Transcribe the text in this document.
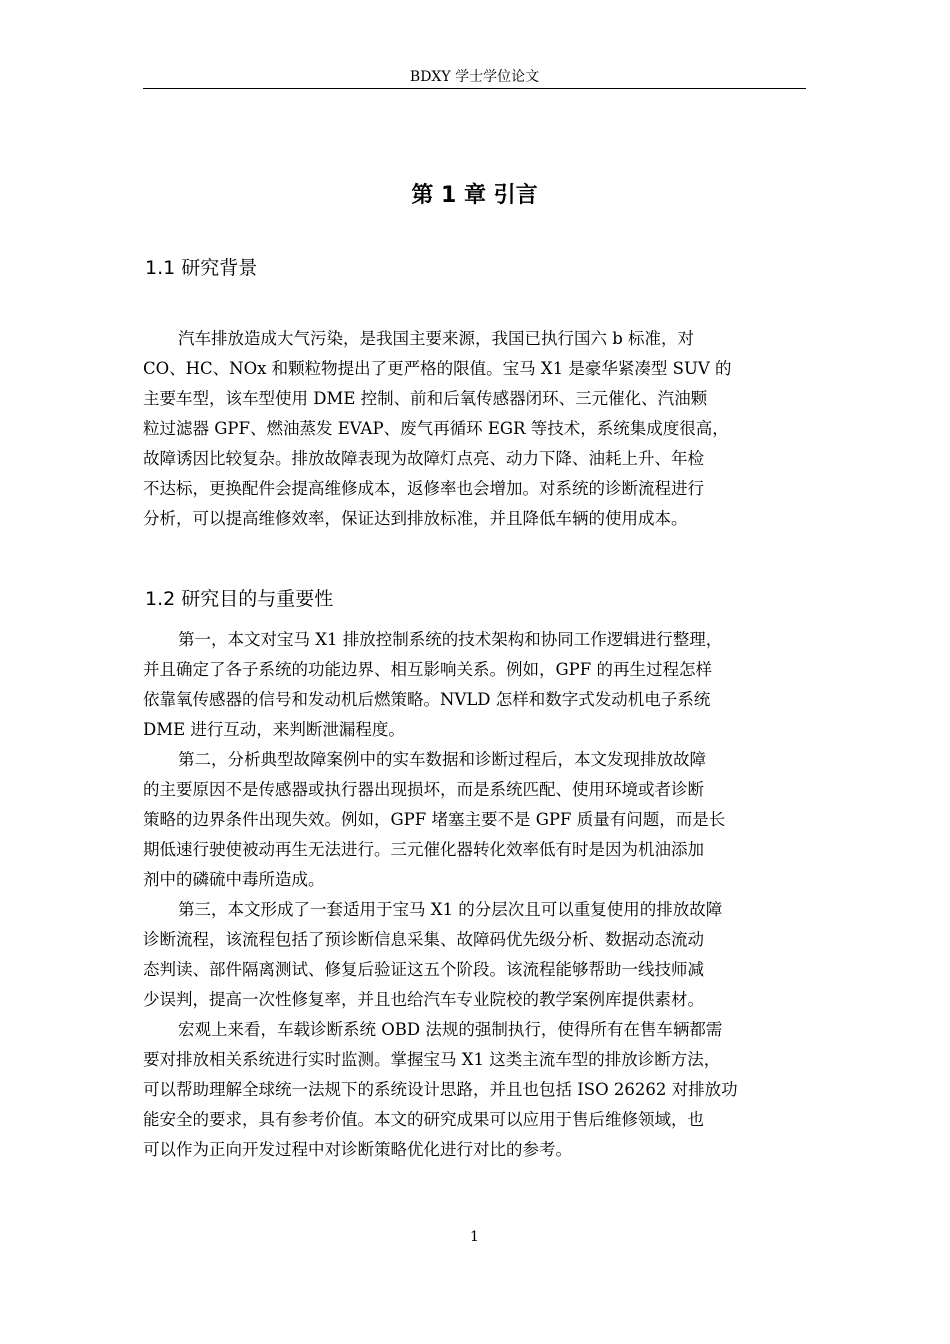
BDXY 学士学位论文
第 1 章 引言
1.1 研究背景
汽车排放造成大气污染，是我国主要来源，我国已执行国六 b 标准，对
CO、HC、NOx 和颗粒物提出了更严格的限值。宝马 X1 是豪华紧凑型 SUV 的
主要车型，该车型使用 DME 控制、前和后氧传感器闭环、三元催化、汽油颗
粒过滤器 GPF、燃油蒸发 EVAP、废气再循环 EGR 等技术，系统集成度很高，
故障诱因比较复杂。排放故障表现为故障灯点亮、动力下降、油耗上升、年检
不达标，更换配件会提高维修成本，返修率也会增加。对系统的诊断流程进行
分析，可以提高维修效率，保证达到排放标准，并且降低车辆的使用成本。
1.2 研究目的与重要性
第一，本文对宝马 X1 排放控制系统的技术架构和协同工作逻辑进行整理，
并且确定了各子系统的功能边界、相互影响关系。例如，GPF 的再生过程怎样
依靠氧传感器的信号和发动机后燃策略。NVLD 怎样和数字式发动机电子系统
DME 进行互动，来判断泄漏程度。
第二，分析典型故障案例中的实车数据和诊断过程后，本文发现排放故障
的主要原因不是传感器或执行器出现损坏，而是系统匹配、使用环境或者诊断
策略的边界条件出现失效。例如，GPF 堵塞主要不是 GPF 质量有问题，而是长
期低速行驶使被动再生无法进行。三元催化器转化效率低有时是因为机油添加
剂中的磷硫中毒所造成。
第三，本文形成了一套适用于宝马 X1 的分层次且可以重复使用的排放故障
诊断流程，该流程包括了预诊断信息采集、故障码优先级分析、数据动态流动
态判读、部件隔离测试、修复后验证这五个阶段。该流程能够帮助一线技师减
少误判，提高一次性修复率，并且也给汽车专业院校的教学案例库提供素材。
宏观上来看，车载诊断系统 OBD 法规的强制执行，使得所有在售车辆都需
要对排放相关系统进行实时监测。掌握宝马 X1 这类主流车型的排放诊断方法，
可以帮助理解全球统一法规下的系统设计思路，并且也包括 ISO 26262 对排放功
能安全的要求，具有参考价值。本文的研究成果可以应用于售后维修领域，也
可以作为正向开发过程中对诊断策略优化进行对比的参考。
1
